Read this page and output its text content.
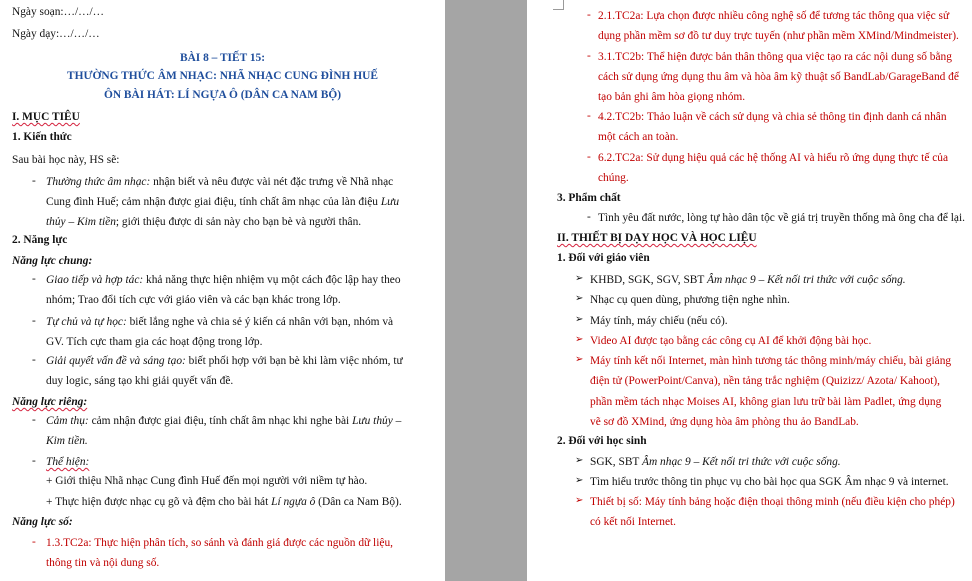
Ngày soạn:…/…/…
Ngày dạy:…/…/…
BÀI 8 – TIẾT 15:
THƯỜNG THỨC ÂM NHẠC: NHÃ NHẠC CUNG ĐÌNH HUẾ
ÔN BÀI HÁT: LÍ NGỰA Ô (DÂN CA NAM BỘ)
I. MỤC TIÊU
1. Kiến thức
Sau bài học này, HS sẽ:
- Thường thức âm nhạc: nhận biết và nêu được vài nét đặc trưng về Nhã nhạc
Cung đình Huế; cảm nhận được giai điệu, tính chất âm nhạc của làn điệu Lưu
thủy – Kim tiền; giới thiệu được di sản này cho bạn bè và người thân.
2. Năng lực
Năng lực chung:
- Giao tiếp và hợp tác: khả năng thực hiện nhiệm vụ một cách độc lập hay theo
nhóm; Trao đổi tích cực với giáo viên và các bạn khác trong lớp.
- Tự chủ và tự học: biết lắng nghe và chia sẻ ý kiến cá nhân với bạn, nhóm và
GV. Tích cực tham gia các hoạt động trong lớp.
- Giải quyết vấn đề và sáng tạo: biết phối hợp với bạn bè khi làm việc nhóm, tư
duy logic, sáng tạo khi giải quyết vấn đề.
Năng lực riêng:
- Cảm thụ: cảm nhận được giai điệu, tính chất âm nhạc khi nghe bài Lưu thủy –
Kim tiền.
- Thể hiện:
+ Giới thiệu Nhã nhạc Cung đình Huế đến mọi người với niềm tự hào.
+ Thực hiện được nhạc cụ gõ và đệm cho bài hát Lí ngựa ô (Dân ca Nam Bộ).
Năng lực số:
- 1.3.TC2a: Thực hiện phân tích, so sánh và đánh giá được các nguồn dữ liệu,
thông tin và nội dung số.
- 2.1.TC2a: Lựa chọn được nhiều công nghệ số để tương tác thông qua việc sử
dụng phần mềm sơ đồ tư duy trực tuyến (như phần mềm XMind/Mindmeister).
- 3.1.TC2b: Thể hiện được bản thân thông qua việc tạo ra các nội dung số bằng
cách sử dụng ứng dụng thu âm và hòa âm kỹ thuật số BandLab/GarageBand để
tạo bản ghi âm hòa giọng nhóm.
- 4.2.TC2b: Thảo luận về cách sử dụng và chia sẻ thông tin định danh cá nhân
một cách an toàn.
- 6.2.TC2a: Sử dụng hiệu quả các hệ thống AI và hiểu rõ ứng dụng thực tế của
chúng.
3. Phẩm chất
- Tình yêu đất nước, lòng tự hào dân tộc về giá trị truyền thống mà ông cha để lại.
II. THIẾT BỊ DẠY HỌC VÀ HỌC LIỆU
1. Đối với giáo viên
➢ KHBD, SGK, SGV, SBT Âm nhạc 9 – Kết nối tri thức với cuộc sống.
➢ Nhạc cụ quen dùng, phương tiện nghe nhìn.
➢ Máy tính, máy chiếu (nếu có).
➢ Video AI được tạo bằng các công cụ AI để khởi động bài học.
➢ Máy tính kết nối Internet, màn hình tương tác thông minh/máy chiếu, bài giảng
điện tử (PowerPoint/Canva), nền tảng trắc nghiệm (Quizizz/ Azota/ Kahoot),
phần mềm tách nhạc Moises AI, không gian lưu trữ bài làm Padlet, ứng dụng
vẽ sơ đồ XMind, ứng dụng hòa âm phòng thu ảo BandLab.
2. Đối với học sinh
➢ SGK, SBT Âm nhạc 9 – Kết nối tri thức với cuộc sống.
➢ Tìm hiểu trước thông tin phục vụ cho bài học qua SGK Âm nhạc 9 và internet.
➢ Thiết bị số: Máy tính bảng hoặc điện thoại thông minh (nếu điều kiện cho phép)
có kết nối Internet.
